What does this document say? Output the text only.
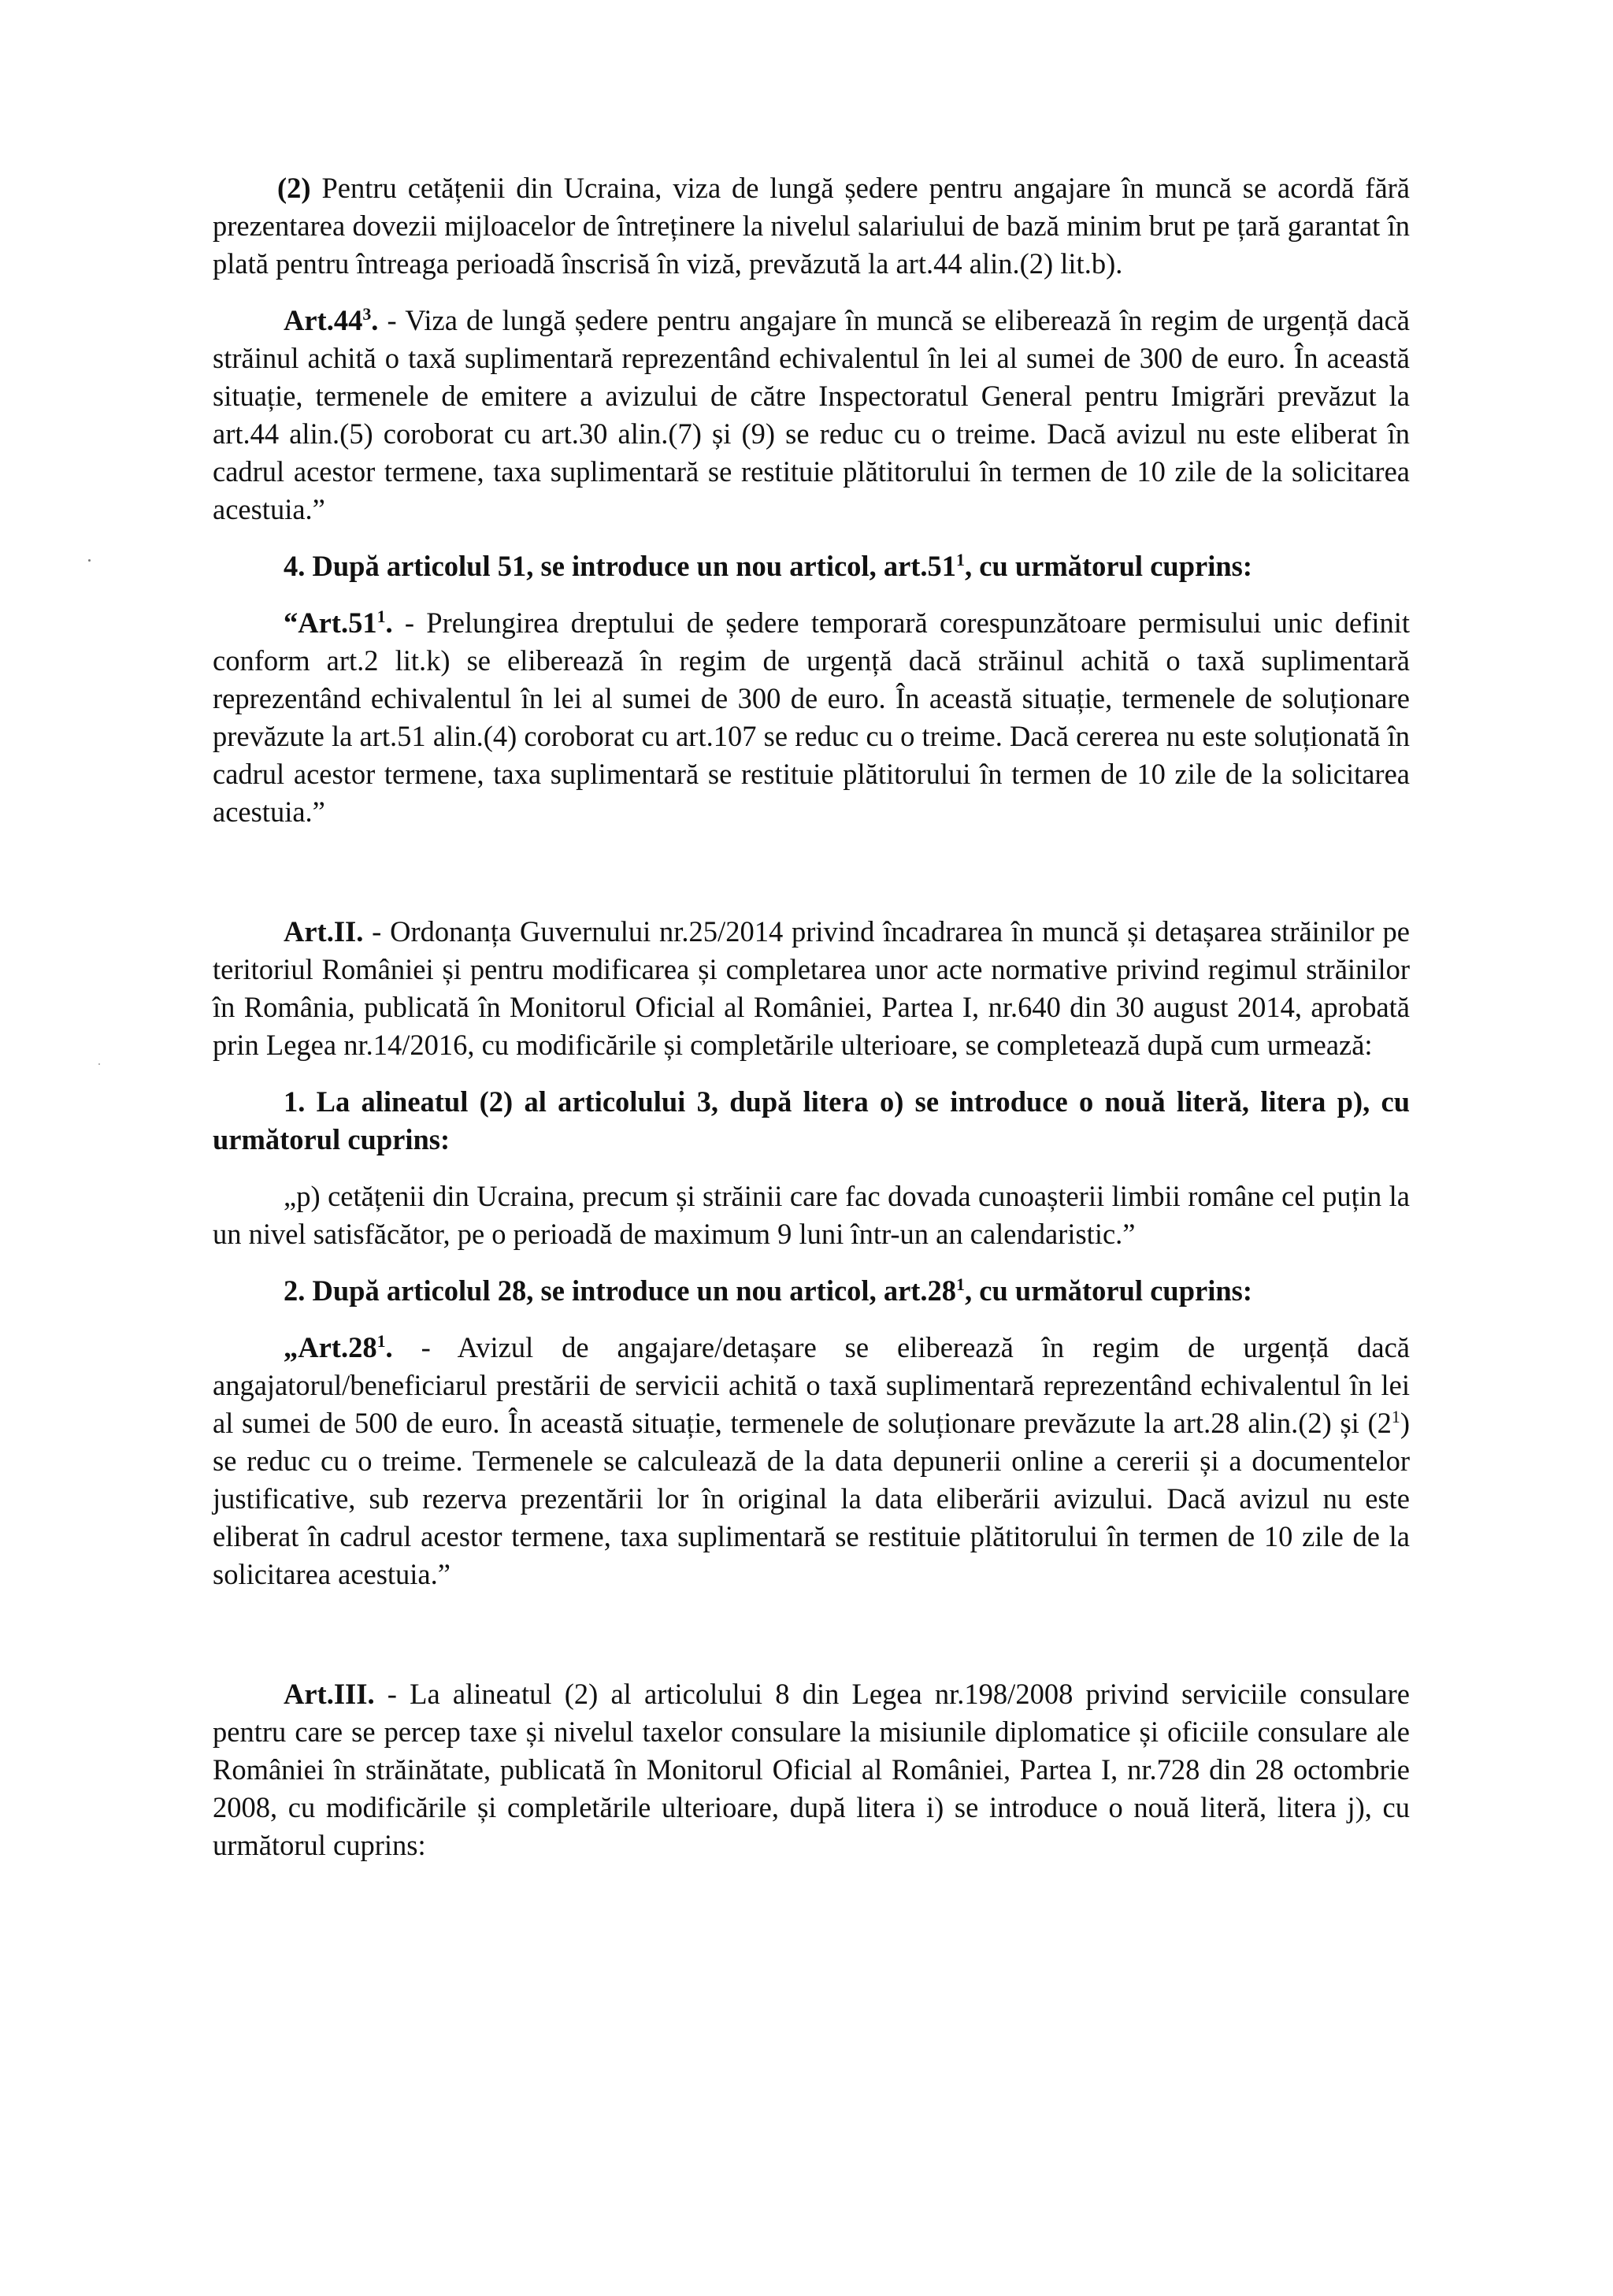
(2) Pentru cetățenii din Ucraina, viza de lungă ședere pentru angajare în muncă se acordă fără prezentarea dovezii mijloacelor de întreținere la nivelul salariului de bază minim brut pe țară garantat în plată pentru întreaga perioadă înscrisă în viză, prevăzută la art.44 alin.(2) lit.b).

$Art.44^3$. - Viza de lungă ședere pentru angajare în muncă se eliberează în regim de urgență dacă străinul achită o taxă suplimentară reprezentând echivalentul în lei al sumei de 300 de euro. În această situație, termenele de emitere a avizului de către Inspectoratul General pentru Imigrări prevăzut la art.44 alin.(5) coroborat cu art.30 alin.(7) și (9) se reduc cu o treime. Dacă avizul nu este eliberat în cadrul acestor termene, taxa suplimentară se restituie plătitorului în termen de 10 zile de la solicitarea acestuia.”

4. După articolul 51, se introduce un nou articol, $art.51^1$, cu următorul cuprins:

“$Art.51^1$. - Prelungirea dreptului de ședere temporară corespunzătoare permisului unic definit conform art.2 lit.k) se eliberează în regim de urgență dacă străinul achită o taxă suplimentară reprezentând echivalentul în lei al sumei de 300 de euro. În această situație, termenele de soluționare prevăzute la art.51 alin.(4) coroborat cu art.107 se reduc cu o treime. Dacă cererea nu este soluționată în cadrul acestor termene, taxa suplimentară se restituie plătitorului în termen de 10 zile de la solicitarea acestuia.”

Art.II. - Ordonanța Guvernului nr.25/2014 privind încadrarea în muncă și detașarea străinilor pe teritoriul României și pentru modificarea și completarea unor acte normative privind regimul străinilor în România, publicată în Monitorul Oficial al României, Partea I, nr.640 din 30 august 2014, aprobată prin Legea nr.14/2016, cu modificările și completările ulterioare, se completează după cum urmează:

1. La alineatul (2) al articolului 3, după litera o) se introduce o nouă literă, litera p), cu următorul cuprins:

„p) cetățenii din Ucraina, precum și străinii care fac dovada cunoașterii limbii române cel puțin la un nivel satisfăcător, pe o perioadă de maximum 9 luni într-un an calendaristic.”

2. După articolul 28, se introduce un nou articol, $art.28^1$, cu următorul cuprins:

$„Art.28^1$. - Avizul de angajare/detașare se eliberează în regim de urgență dacă angajatorul/beneficiarul prestării de servicii achită o taxă suplimentară reprezentând echivalentul în lei al sumei de 500 de euro. În această situație, termenele de soluționare prevăzute la art.28 alin.(2) și $(2^1)$ se reduc cu o treime. Termenele se calculează de la data depunerii online a cererii și a documentelor justificative, sub rezerva prezentării lor în original la data eliberării avizului. Dacă avizul nu este eliberat în cadrul acestor termene, taxa suplimentară se restituie plătitorului în termen de 10 zile de la solicitarea acestuia.”

Art.III. - La alineatul (2) al articolului 8 din Legea nr.198/2008 privind serviciile consulare pentru care se percep taxe și nivelul taxelor consulare la misiunile diplomatice și oficiile consulare ale României în străinătate, publicată în Monitorul Oficial al României, Partea I, nr.728 din 28 octombrie 2008, cu modificările și completările ulterioare, după litera i) se introduce o nouă literă, litera j), cu următorul cuprins:
